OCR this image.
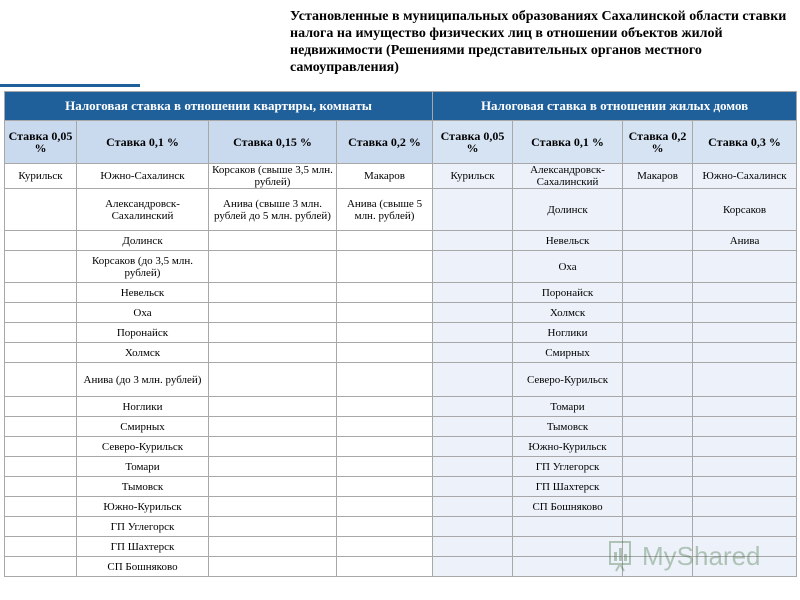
Установленные в муниципальных образованиях Сахалинской области ставки налога на имущество физических лиц в отношении объектов жилой недвижимости (Решениями представительных органов местного самоуправления)
Налоговая ставка в отношении квартиры, комнаты				Налоговая ставка в отношении жилых домов			
Ставка 0,05 %	Ставка 0,1 %	Ставка 0,15 %	Ставка 0,2 %	Ставка 0,05 %	Ставка 0,1 %	Ставка 0,2 %	Ставка 0,3 %
Курильск	Южно-Сахалинск	Корсаков (свыше 3,5 млн. рублей)	Макаров	Курильск	Александровск-Сахалинский	Макаров	Южно-Сахалинск
	Александровск-Сахалинский	Анива (свыше 3 млн. рублей до 5 млн. рублей)	Анива (свыше 5 млн. рублей)		Долинск		Корсаков
	Долинск				Невельск		Анива
	Корсаков (до 3,5 млн. рублей)				Оха		
	Невельск				Поронайск		
	Оха				Холмск		
	Поронайск				Ноглики		
	Холмск				Смирных		
	Анива (до 3 млн. рублей)				Северо-Курильск		
	Ноглики				Томари		
	Смирных				Тымовск		
	Северо-Курильск				Южно-Курильск		
	Томари				ГП Углегорск		
	Тымовск				ГП Шахтерск		
	Южно-Курильск				СП Бошняково		
	ГП Углегорск						
	ГП Шахтерск						
	СП Бошняково							MyShared
